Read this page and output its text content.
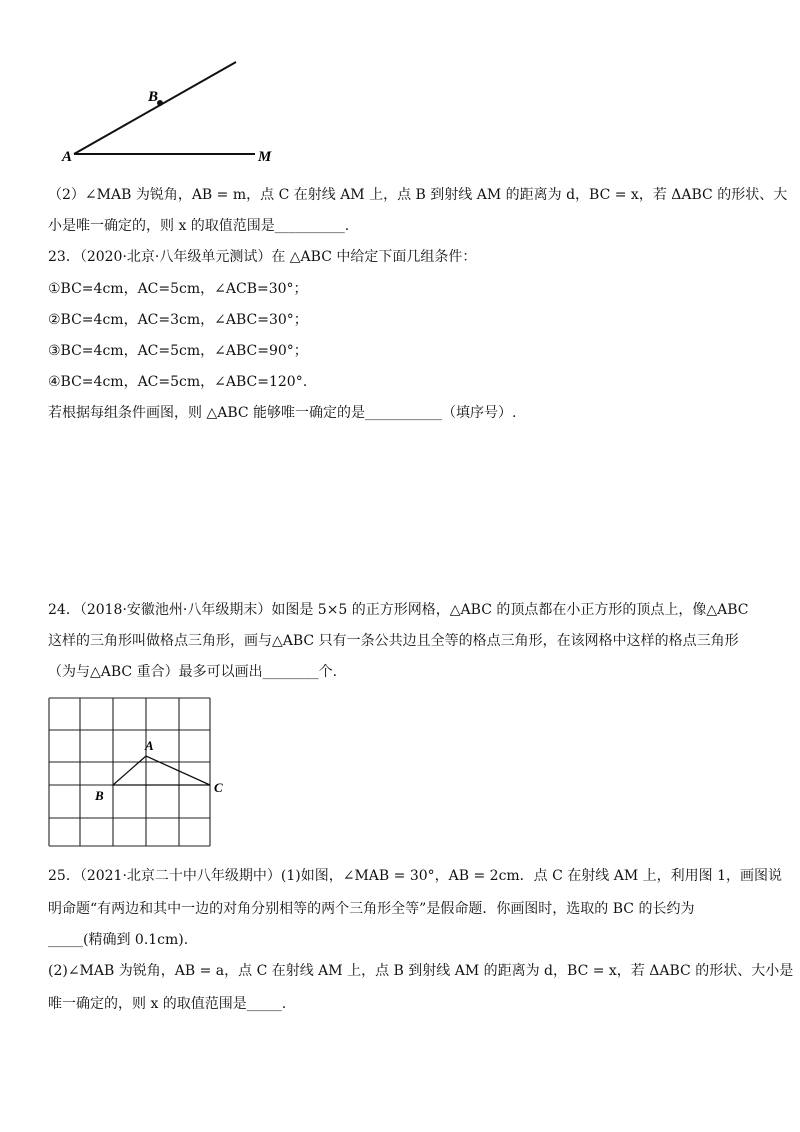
A
B
M
（2）∠MAB 为锐角，AB = m，点 C 在射线 AM 上，点 B 到射线 AM 的距离为 d，BC = x，若 ΔABC 的形状、大
小是唯一确定的，则 x 的取值范围是__________.
23．（2020·北京·八年级单元测试）在 △ABC 中给定下面几组条件：
①BC=4cm，AC=5cm，∠ACB=30°；
②BC=4cm，AC=3cm，∠ABC=30°；
③BC=4cm，AC=5cm，∠ABC=90°；
④BC=4cm，AC=5cm，∠ABC=120°.
若根据每组条件画图，则 △ABC 能够唯一确定的是___________（填序号）.
24．（2018·安徽池州·八年级期末）如图是 5×5 的正方形网格，△ABC 的顶点都在小正方形的顶点上，像△ABC
这样的三角形叫做格点三角形，画与△ABC 只有一条公共边且全等的格点三角形，在该网格中这样的格点三角形
（为与△ABC 重合）最多可以画出________个.
A
B
C
25．（2021·北京二十中八年级期中）(1)如图，∠MAB = 30°，AB = 2cm．点 C 在射线 AM 上，利用图 1，画图说
明命题“有两边和其中一边的对角分别相等的两个三角形全等”是假命题．你画图时，选取的 BC 的长约为
_____(精确到 0.1cm).
(2)∠MAB 为锐角，AB = a，点 C 在射线 AM 上，点 B 到射线 AM 的距离为 d，BC = x，若 ΔABC 的形状、大小是
唯一确定的，则 x 的取值范围是_____.
